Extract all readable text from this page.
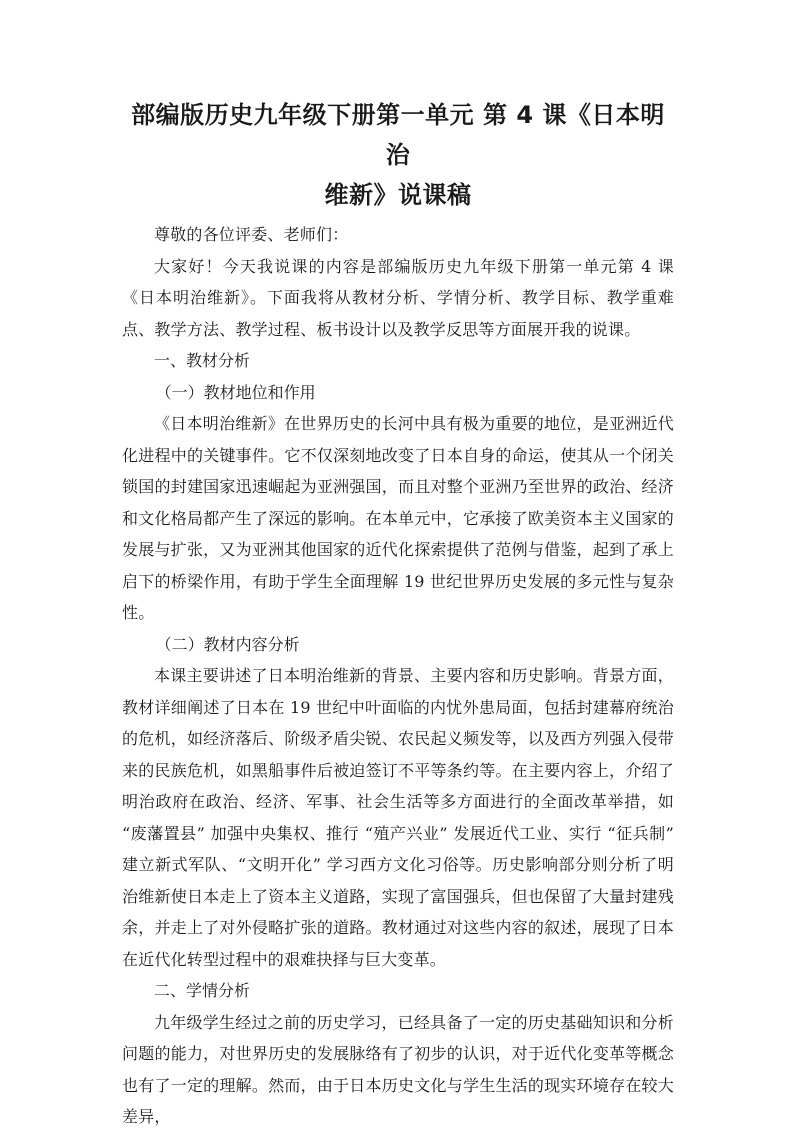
部编版历史九年级下册第一单元 第 4 课《日本明治
维新》说课稿

尊敬的各位评委、老师们：

大家好！今天我说课的内容是部编版历史九年级下册第一单元第 4 课《日本明治维新》。下面我将从教材分析、学情分析、教学目标、教学重难点、教学方法、教学过程、板书设计以及教学反思等方面展开我的说课。

一、教材分析

（一）教材地位和作用

《日本明治维新》在世界历史的长河中具有极为重要的地位，是亚洲近代化进程中的关键事件。它不仅深刻地改变了日本自身的命运，使其从一个闭关锁国的封建国家迅速崛起为亚洲强国，而且对整个亚洲乃至世界的政治、经济和文化格局都产生了深远的影响。在本单元中，它承接了欧美资本主义国家的发展与扩张，又为亚洲其他国家的近代化探索提供了范例与借鉴，起到了承上启下的桥梁作用，有助于学生全面理解 19 世纪世界历史发展的多元性与复杂性。

（二）教材内容分析

本课主要讲述了日本明治维新的背景、主要内容和历史影响。背景方面，教材详细阐述了日本在 19 世纪中叶面临的内忧外患局面，包括封建幕府统治的危机，如经济落后、阶级矛盾尖锐、农民起义频发等，以及西方列强入侵带来的民族危机，如黑船事件后被迫签订不平等条约等。在主要内容上，介绍了明治政府在政治、经济、军事、社会生活等多方面进行的全面改革举措，如 “废藩置县” 加强中央集权、推行 “殖产兴业” 发展近代工业、实行 “征兵制” 建立新式军队、“文明开化” 学习西方文化习俗等。历史影响部分则分析了明治维新使日本走上了资本主义道路，实现了富国强兵，但也保留了大量封建残余，并走上了对外侵略扩张的道路。教材通过对这些内容的叙述，展现了日本在近代化转型过程中的艰难抉择与巨大变革。

二、学情分析

九年级学生经过之前的历史学习，已经具备了一定的历史基础知识和分析问题的能力，对世界历史的发展脉络有了初步的认识，对于近代化变革等概念也有了一定的理解。然而，由于日本历史文化与学生生活的现实环境存在较大差异，
